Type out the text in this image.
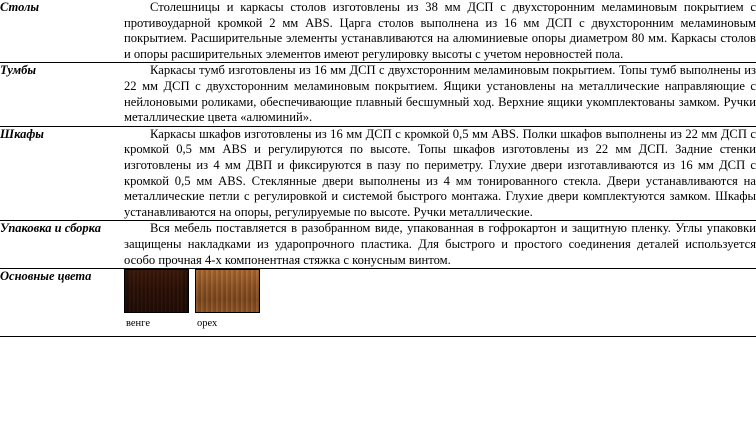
Столы	Столешницы и каркасы столов изготовлены из 38 мм ДСП с двухсторонним меламиновым покрытием с противоударной кромкой 2 мм ABS. Царга столов выполнена из 16 мм ДСП с двухсторонним меламиновым покрытием. Расширительные элементы устанавливаются на алюминиевые опоры диаметром 80 мм. Каркасы столов и опоры расширительных элементов имеют регулировку высоты с учетом неровностей пола.

Тумбы	Каркасы тумб изготовлены из 16 мм ДСП с двухсторонним меламиновым покрытием. Топы тумб выполнены из 22 мм ДСП с двухсторонним меламиновым покрытием. Ящики установлены на металлические направляющие с нейлоновыми роликами, обеспечивающие плавный бесшумный ход. Верхние ящики укомплектованы замком. Ручки металлические цвета «алюминий».

Шкафы	Каркасы шкафов изготовлены из 16 мм ДСП с кромкой 0,5 мм ABS. Полки шкафов выполнены из 22 мм ДСП с кромкой 0,5 мм ABS и регулируются по высоте. Топы шкафов изготовлены из 22 мм ДСП. Задние стенки изготовлены из 4 мм ДВП и фиксируются в пазу по периметру. Глухие двери изготавливаются из 16 мм ДСП с кромкой 0,5 мм ABS. Стеклянные двери выполнены из 4 мм тонированного стекла. Двери устанавливаются на металлические петли с регулировкой и системой быстрого монтажа. Глухие двери комплектуются замком. Шкафы устанавливаются на опоры, регулируемые по высоте. Ручки металлические.

Упаковка и сборка	Вся мебель поставляется в разобранном виде, упакованная в гофрокартон и защитную пленку. Углы упаковки защищены накладками из ударопрочного пластика. Для быстрого и простого соединения деталей используется особо прочная 4-х компонентная стяжка с конусным винтом.

Основные цвета	венге орех
